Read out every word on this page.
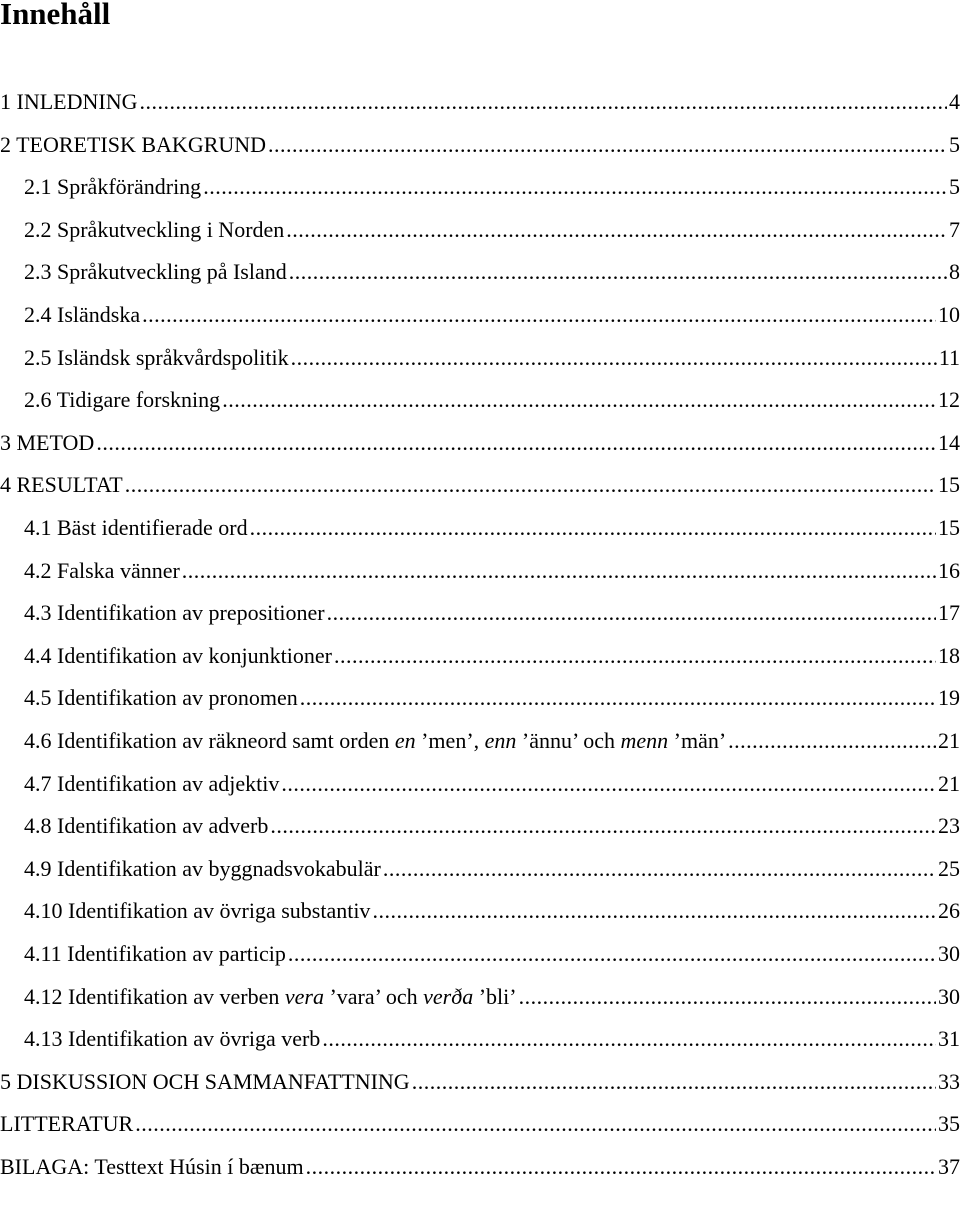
Innehåll
1 INLEDNING .....	4
2 TEORETISK BAKGRUND .....	5
2.1 Språkförändring .....	5
2.2 Språkutveckling i Norden .....	7
2.3 Språkutveckling på Island .....	8
2.4 Isländska .....	10
2.5 Isländsk språkvårdspolitik .....	11
2.6 Tidigare forskning .....	12
3 METOD .....	14
4 RESULTAT .....	15
4.1 Bäst identifierade ord .....	15
4.2 Falska vänner .....	16
4.3 Identifikation av prepositioner .....	17
4.4 Identifikation av konjunktioner .....	18
4.5 Identifikation av pronomen .....	19
4.6 Identifikation av räkneord samt orden en ’men’, enn ’ännu’ och menn ’män’ .....	21
4.7 Identifikation av adjektiv .....	21
4.8 Identifikation av adverb .....	23
4.9 Identifikation av byggnadsvokabulär .....	25
4.10 Identifikation av övriga substantiv .....	26
4.11 Identifikation av particip .....	30
4.12 Identifikation av verben vera ’vara’ och verða ’bli’ .....	30
4.13 Identifikation av övriga verb .....	31
5 DISKUSSION OCH SAMMANFATTNING .....	33
LITTERATUR .....	35
BILAGA: Testtext Húsin í bænum .....	37
